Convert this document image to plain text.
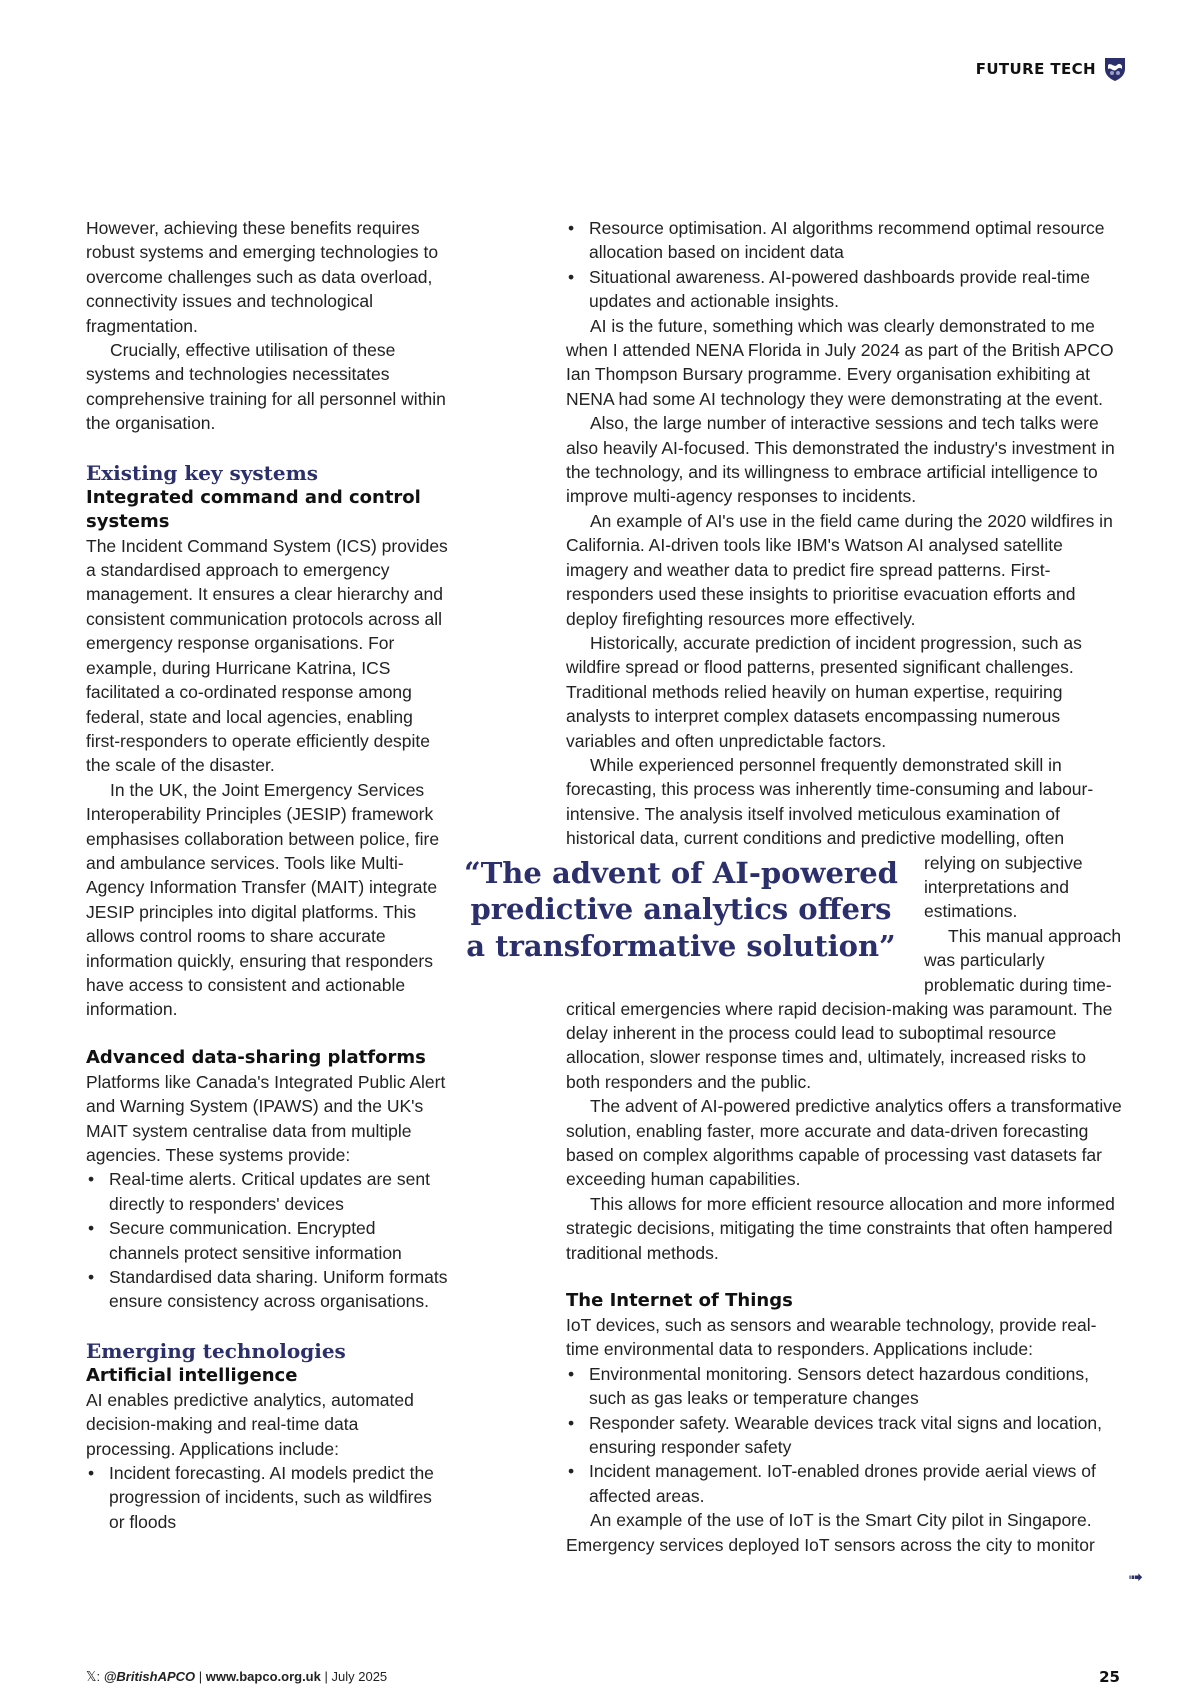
FUTURE TECH

However, achieving these benefits requires robust systems and emerging technologies to overcome challenges such as data overload, connectivity issues and technological fragmentation.

Crucially, effective utilisation of these systems and technologies necessitates comprehensive training for all personnel within the organisation.

Existing key systems
Integrated command and control systems

The Incident Command System (ICS) provides a standardised approach to emergency management. It ensures a clear hierarchy and consistent communication protocols across all emergency response organisations. For example, during Hurricane Katrina, ICS facilitated a co-ordinated response among federal, state and local agencies, enabling first-responders to operate efficiently despite the scale of the disaster.

In the UK, the Joint Emergency Services Interoperability Principles (JESIP) framework emphasises collaboration between police, fire and ambulance services. Tools like Multi-Agency Information Transfer (MAIT) integrate JESIP principles into digital platforms. This allows control rooms to share accurate information quickly, ensuring that responders have access to consistent and actionable information.

Advanced data-sharing platforms

Platforms like Canada's Integrated Public Alert and Warning System (IPAWS) and the UK's MAIT system centralise data from multiple agencies. These systems provide:

• Real-time alerts. Critical updates are sent directly to responders' devices
• Secure communication. Encrypted channels protect sensitive information
• Standardised data sharing. Uniform formats ensure consistency across organisations.
Emerging technologies
Artificial intelligence

AI enables predictive analytics, automated decision-making and real-time data processing. Applications include:

• Incident forecasting. AI models predict the progression of incidents, such as wildfires or floods
• Resource optimisation. AI algorithms recommend optimal resource allocation based on incident data
• Situational awareness. AI-powered dashboards provide real-time updates and actionable insights.

AI is the future, something which was clearly demonstrated to me when I attended NENA Florida in July 2024 as part of the British APCO Ian Thompson Bursary programme. Every organisation exhibiting at NENA had some AI technology they were demonstrating at the event.

Also, the large number of interactive sessions and tech talks were also heavily AI-focused. This demonstrated the industry's investment in the technology, and its willingness to embrace artificial intelligence to improve multi-agency responses to incidents.

An example of AI's use in the field came during the 2020 wildfires in California. AI-driven tools like IBM's Watson AI analysed satellite imagery and weather data to predict fire spread patterns. First-responders used these insights to prioritise evacuation efforts and deploy firefighting resources more effectively.

Historically, accurate prediction of incident progression, such as wildfire spread or flood patterns, presented significant challenges. Traditional methods relied heavily on human expertise, requiring analysts to interpret complex datasets encompassing numerous variables and often unpredictable factors.

While experienced personnel frequently demonstrated skill in forecasting, this process was inherently time-consuming and labour-intensive. The analysis itself involved meticulous examination of historical data, current conditions and predictive modelling, often

“The advent of AI-powered predictive analytics offers a transformative solution”

relying on subjective interpretations and estimations.

This manual approach was particularly problematic during time-

critical emergencies where rapid decision-making was paramount. The delay inherent in the process could lead to suboptimal resource allocation, slower response times and, ultimately, increased risks to both responders and the public.

The advent of AI-powered predictive analytics offers a transformative solution, enabling faster, more accurate and data-driven forecasting based on complex algorithms capable of processing vast datasets far exceeding human capabilities.

This allows for more efficient resource allocation and more informed strategic decisions, mitigating the time constraints that often hampered traditional methods.

The Internet of Things

IoT devices, such as sensors and wearable technology, provide real-time environmental data to responders. Applications include:

• Environmental monitoring. Sensors detect hazardous conditions, such as gas leaks or temperature changes
• Responder safety. Wearable devices track vital signs and location, ensuring responder safety
• Incident management. IoT-enabled drones provide aerial views of affected areas.

An example of the use of IoT is the Smart City pilot in Singapore. Emergency services deployed IoT sensors across the city to monitor

➟
𝕏: @BritishAPCO | www.bapco.org.uk | July 2025	25
